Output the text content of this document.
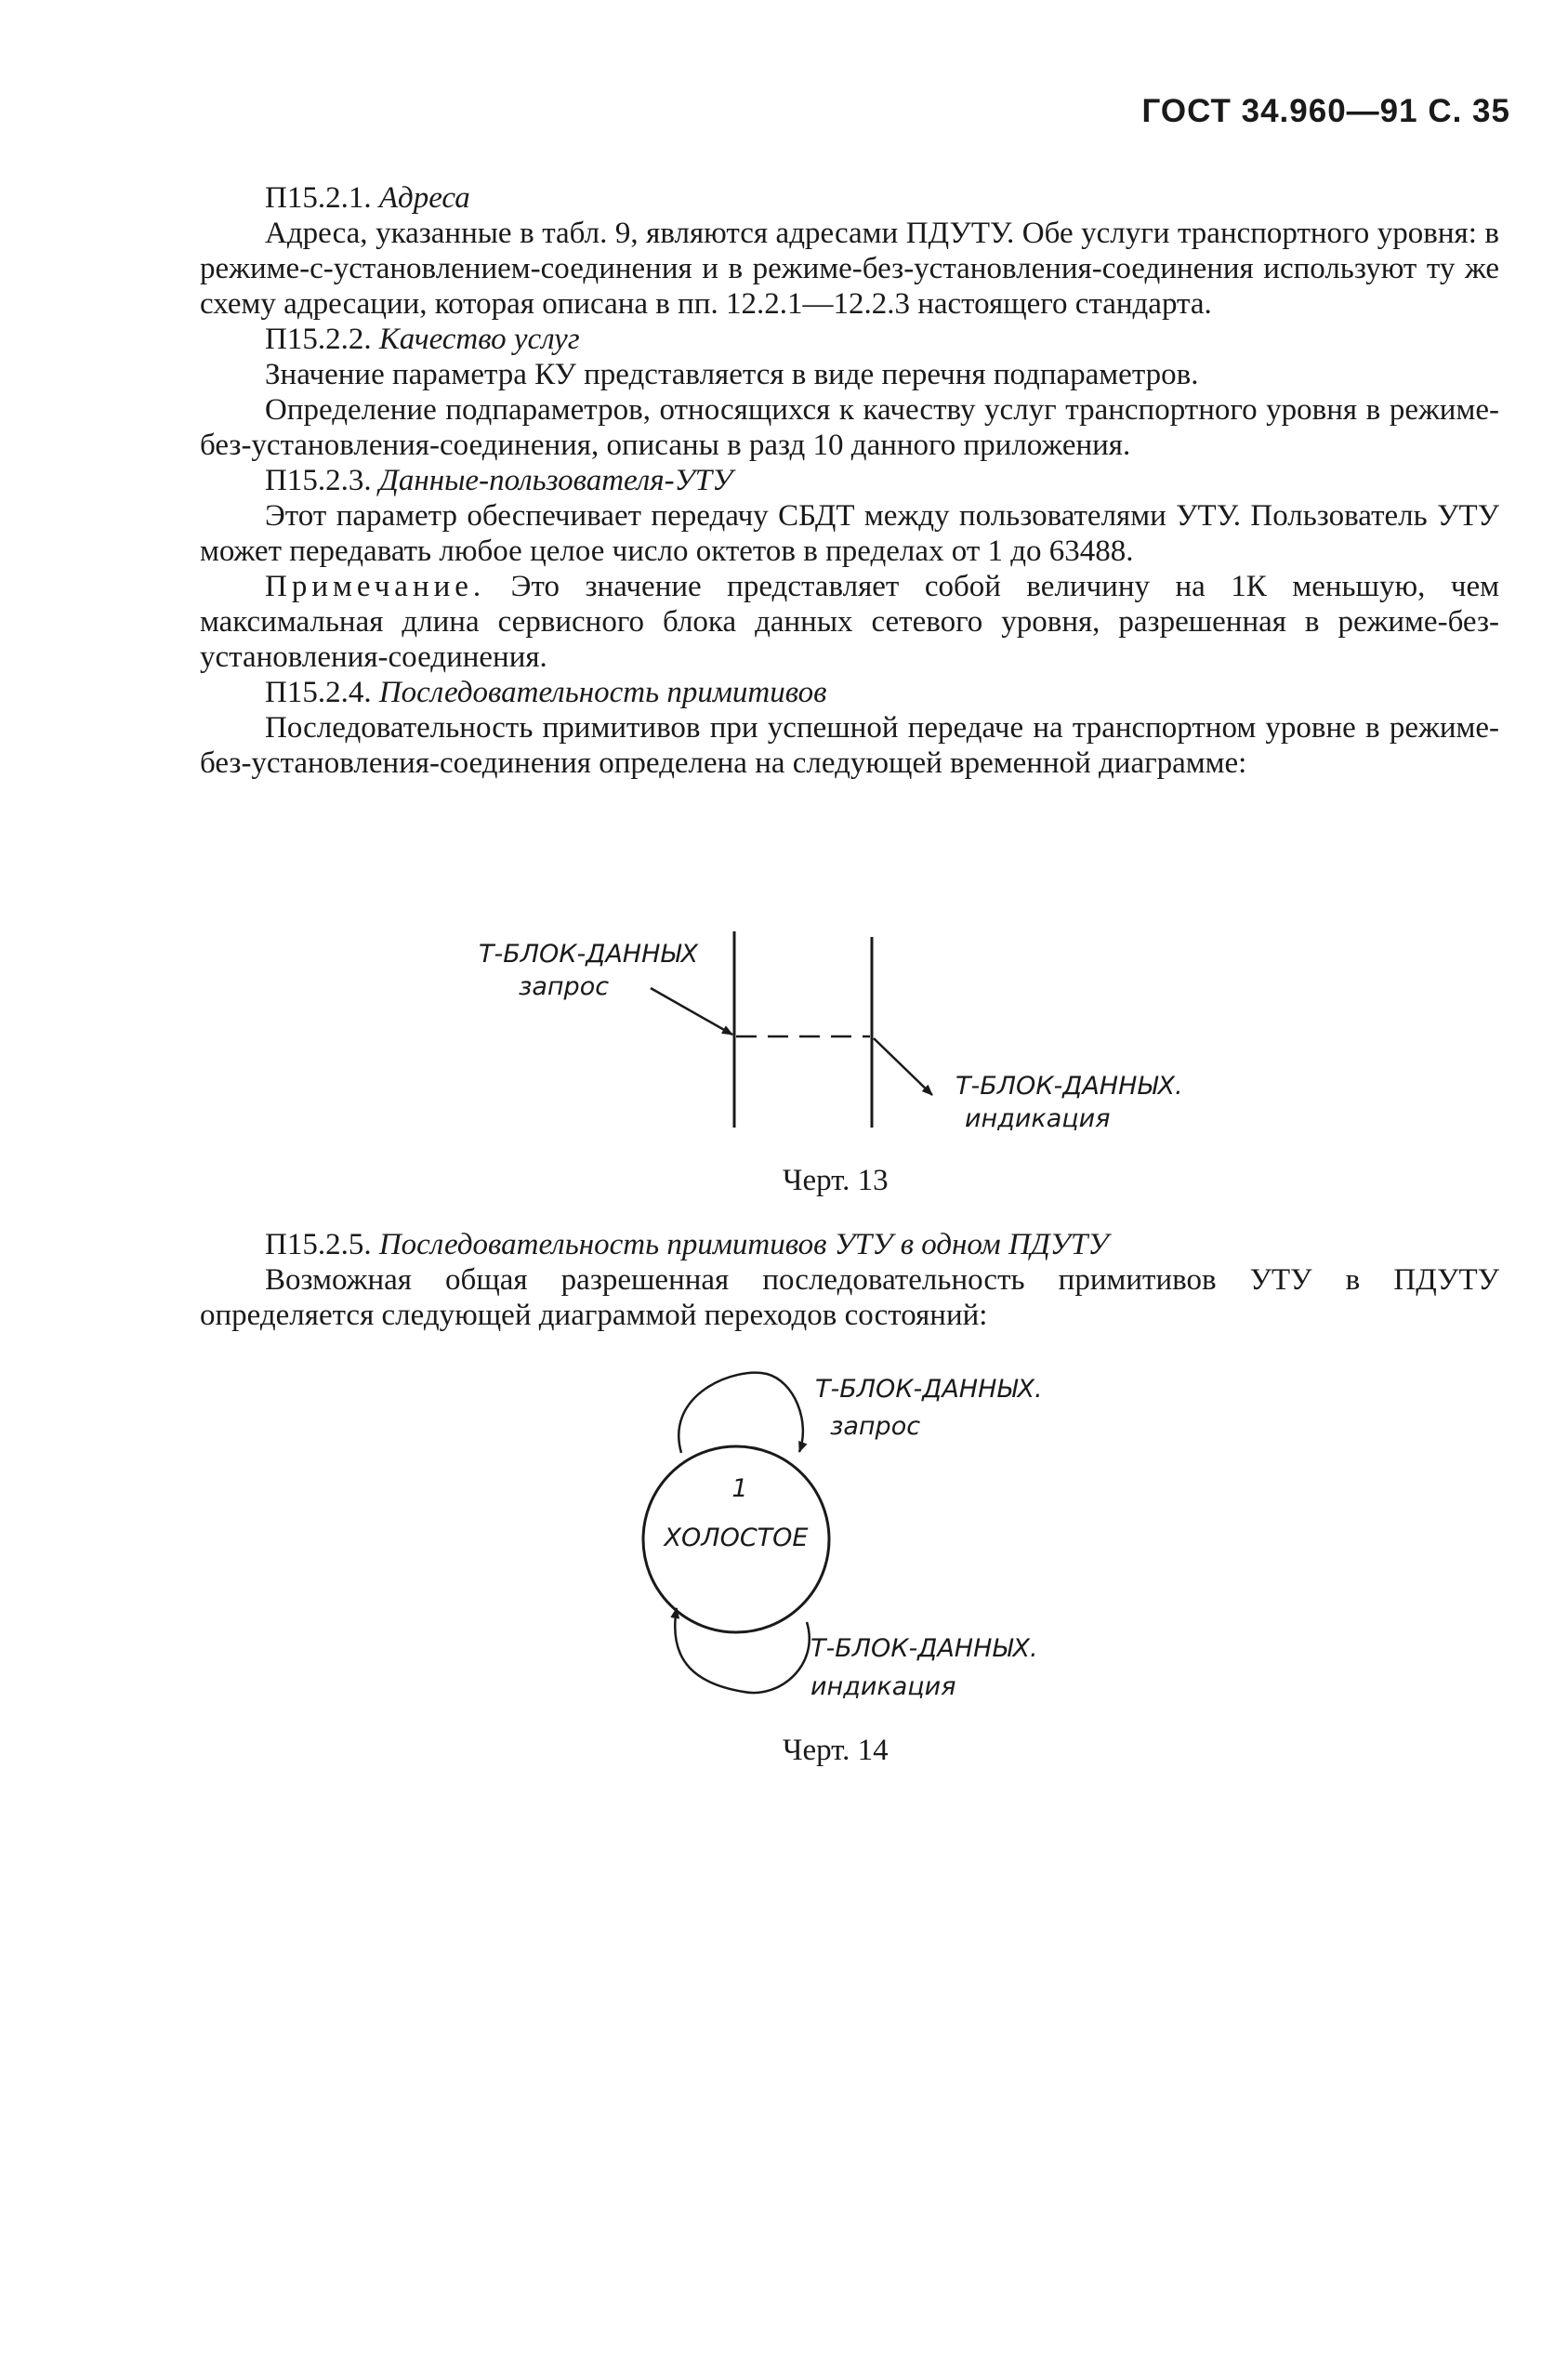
ГОСТ 34.960—91 С. 35

П15.2.1. Адреса

Адреса, указанные в табл. 9, являются адресами ПДУТУ. Обе услуги транспортного уровня: в режиме-с-установлением-соединения и в режиме-без-установления-соединения используют ту же схему адресации, которая описана в пп. 12.2.1—12.2.3 настоящего стандарта.

П15.2.2. Качество услуг

Значение параметра КУ представляется в виде перечня подпараметров.

Определение подпараметров, относящихся к качеству услуг транспортного уровня в режиме-без-установления-соединения, описаны в разд 10 данного приложения.

П15.2.3. Данные-пользователя-УТУ

Этот параметр обеспечивает передачу СБДТ между пользователями УТУ. Пользователь УТУ может передавать любое целое число октетов в пределах от 1 до 63488.

Примечание. Это значение представляет собой величину на 1К меньшую, чем максимальная длина сервисного блока данных сетевого уровня, разрешенная в режиме-без-установления-соединения.

П15.2.4. Последовательность примитивов

Последовательность примитивов при успешной передаче на транспортном уровне в режиме-без-установления-соединения определена на следующей временной диаграмме:

Т-БЛОК-ДАННЫХ
запрос
Т-БЛОК-ДАННЫХ.
индикация
Черт. 13

П15.2.5. Последовательность примитивов УТУ в одном ПДУТУ

Возможная общая разрешенная последовательность примитивов УТУ в ПДУТУ определяется следующей диаграммой переходов состояний:

Т-БЛОК-ДАННЫХ.
запрос
1
ХОЛОСТОЕ
Т-БЛОК-ДАННЫХ.
индикация
Черт. 14
